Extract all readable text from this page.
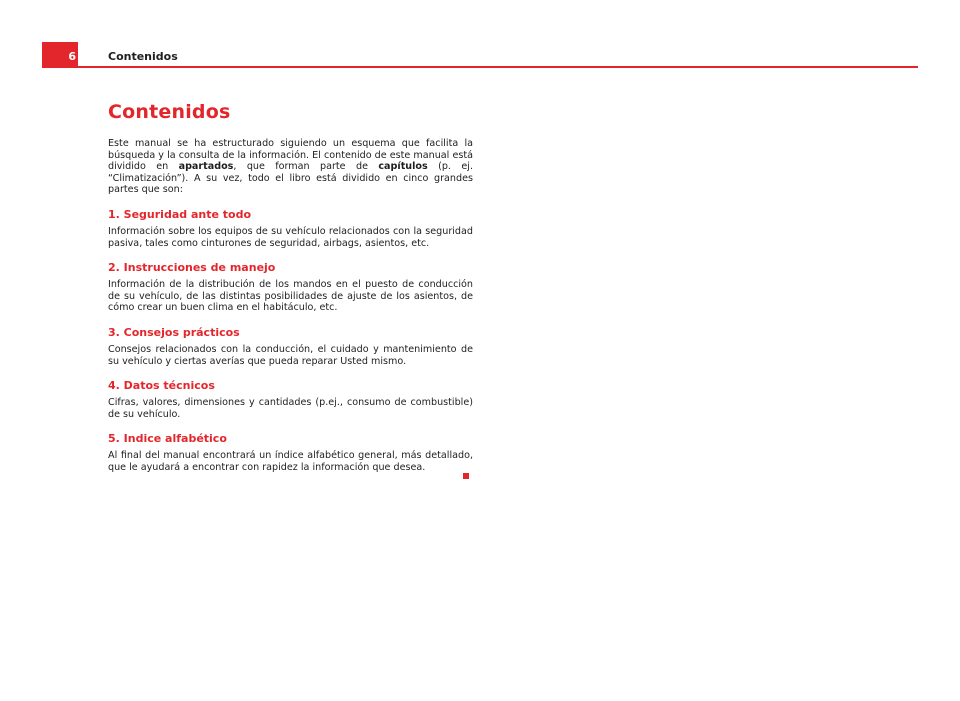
6	Contenidos
Contenidos

Este manual se ha estructurado siguiendo un esquema que facilita la búsqueda y la consulta de la información. El contenido de este manual está dividido en apartados, que forman parte de capítulos (p. ej. “Climatización”). A su vez, todo el libro está dividido en cinco grandes partes que son:

1. Seguridad ante todo

Información sobre los equipos de su vehículo relacionados con la seguridad pasiva, tales como cinturones de seguridad, airbags, asientos, etc.

2. Instrucciones de manejo

Información de la distribución de los mandos en el puesto de conducción de su vehículo, de las distintas posibilidades de ajuste de los asientos, de cómo crear un buen clima en el habitáculo, etc.

3. Consejos prácticos

Consejos relacionados con la conducción, el cuidado y mantenimiento de su vehículo y ciertas averías que pueda reparar Usted mismo.

4. Datos técnicos

Cifras, valores, dimensiones y cantidades (p.ej., consumo de combustible) de su vehículo.

5. Indice alfabético

Al final del manual encontrará un índice alfabético general, más detallado, que le ayudará a encontrar con rapidez la información que desea.
